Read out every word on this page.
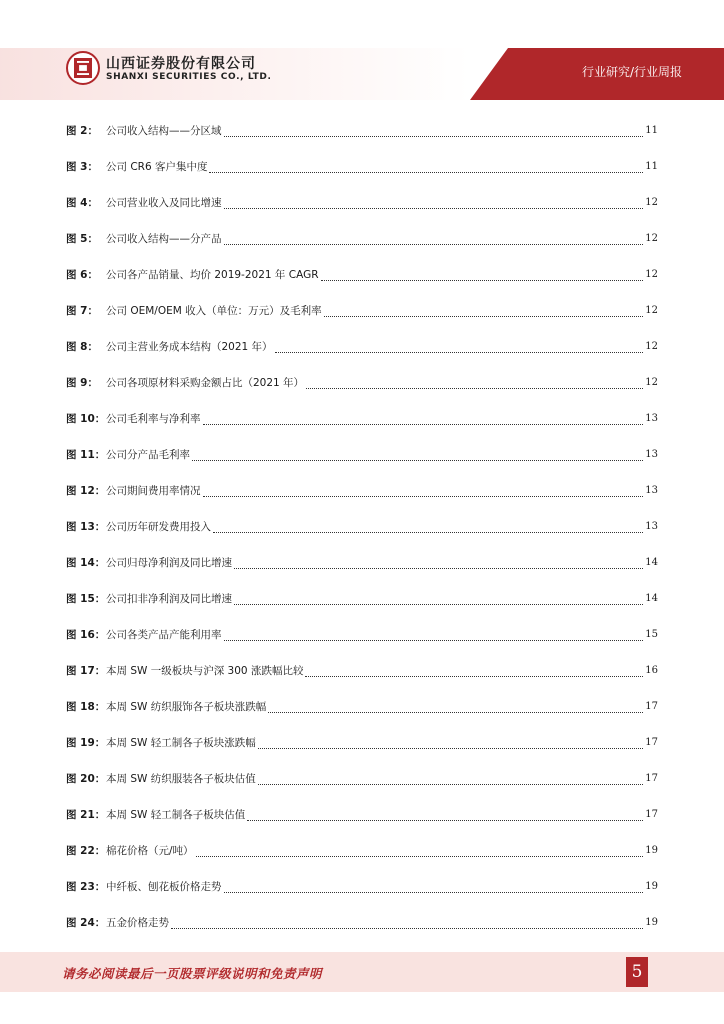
山西证券股份有限公司
SHANXI SECURITIES CO., LTD.	行业研究/行业周报
图 2： 公司收入结构——分区域	11
图 3： 公司 CR6 客户集中度	11
图 4： 公司营业收入及同比增速	12
图 5： 公司收入结构——分产品	12
图 6： 公司各产品销量、均价 2019-2021 年 CAGR	12
图 7： 公司 OEM/OEM 收入（单位：万元）及毛利率	12
图 8： 公司主营业务成本结构（2021 年）	12
图 9： 公司各项原材料采购金额占比（2021 年）	12
图 10： 公司毛利率与净利率	13
图 11： 公司分产品毛利率	13
图 12： 公司期间费用率情况	13
图 13： 公司历年研发费用投入	13
图 14： 公司归母净利润及同比增速	14
图 15： 公司扣非净利润及同比增速	14
图 16： 公司各类产品产能利用率	15
图 17： 本周 SW 一级板块与沪深 300 涨跌幅比较	16
图 18： 本周 SW 纺织服饰各子板块涨跌幅	17
图 19： 本周 SW 轻工制各子板块涨跌幅	17
图 20： 本周 SW 纺织服装各子板块估值	17
图 21： 本周 SW 轻工制各子板块估值	17
图 22： 棉花价格（元/吨）	19
图 23： 中纤板、刨花板价格走势	19
图 24： 五金价格走势	19
请务必阅读最后一页股票评级说明和免责声明	5
